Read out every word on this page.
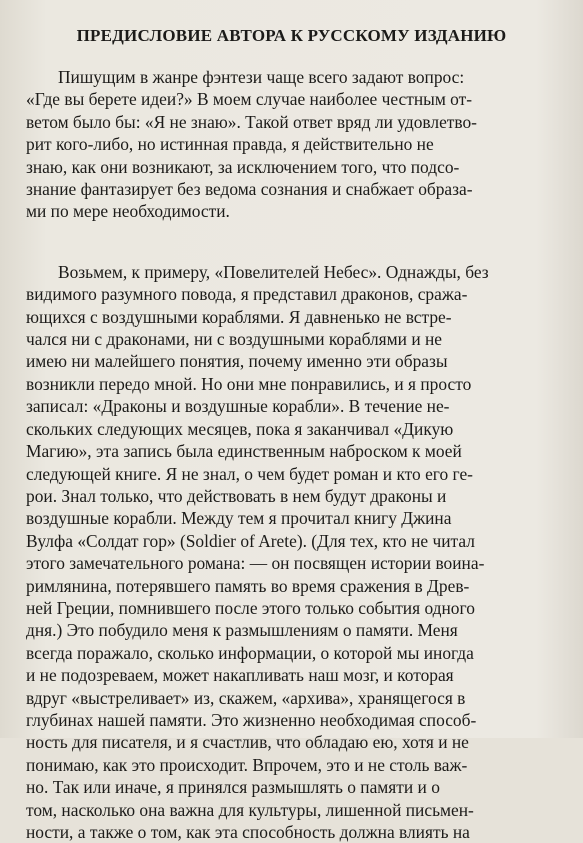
ПРЕДИСЛОВИЕ АВТОРА К РУССКОМУ ИЗДАНИЮ

Пишущим в жанре фэнтези чаще всего задают вопрос:
«Где вы берете идеи?» В моем случае наиболее честным от-
ветом было бы: «Я не знаю». Такой ответ вряд ли удовлетво-
рит кого-либо, но истинная правда, я действительно не
знаю, как они возникают, за исключением того, что подсо-
знание фантазирует без ведома сознания и снабжает образа-
ми по мере необходимости.

Возьмем, к примеру, «Повелителей Небес». Однажды, без
видимого разумного повода, я представил драконов, сража-
ющихся с воздушными кораблями. Я давненько не встре-
чался ни с драконами, ни с воздушными кораблями и не
имею ни малейшего понятия, почему именно эти образы
возникли передо мной. Но они мне понравились, и я просто
записал: «Драконы и воздушные корабли». В течение не-
скольких следующих месяцев, пока я заканчивал «Дикую
Магию», эта запись была единственным наброском к моей
следующей книге. Я не знал, о чем будет роман и кто его ге-
рои. Знал только, что действовать в нем будут драконы и
воздушные корабли. Между тем я прочитал книгу Джина
Вулфа «Солдат гор» (Soldier of Arete). (Для тех, кто не читал
этого замечательного романа: — он посвящен истории воина-
римлянина, потерявшего память во время сражения в Древ-
ней Греции, помнившего после этого только события одного
дня.) Это побудило меня к размышлениям о памяти. Меня
всегда поражало, сколько информации, о которой мы иногда
и не подозреваем, может накапливать наш мозг, и которая
вдруг «выстреливает» из, скажем, «архива», хранящегося в
глубинах нашей памяти. Это жизненно необходимая способ-
ность для писателя, и я счастлив, что обладаю ею, хотя и не
понимаю, как это происходит. Впрочем, это и не столь важ-
но. Так или иначе, я принялся размышлять о памяти и о
том, насколько она важна для культуры, лишенной письмен-
ности, а также о том, как эта способность должна влиять на
